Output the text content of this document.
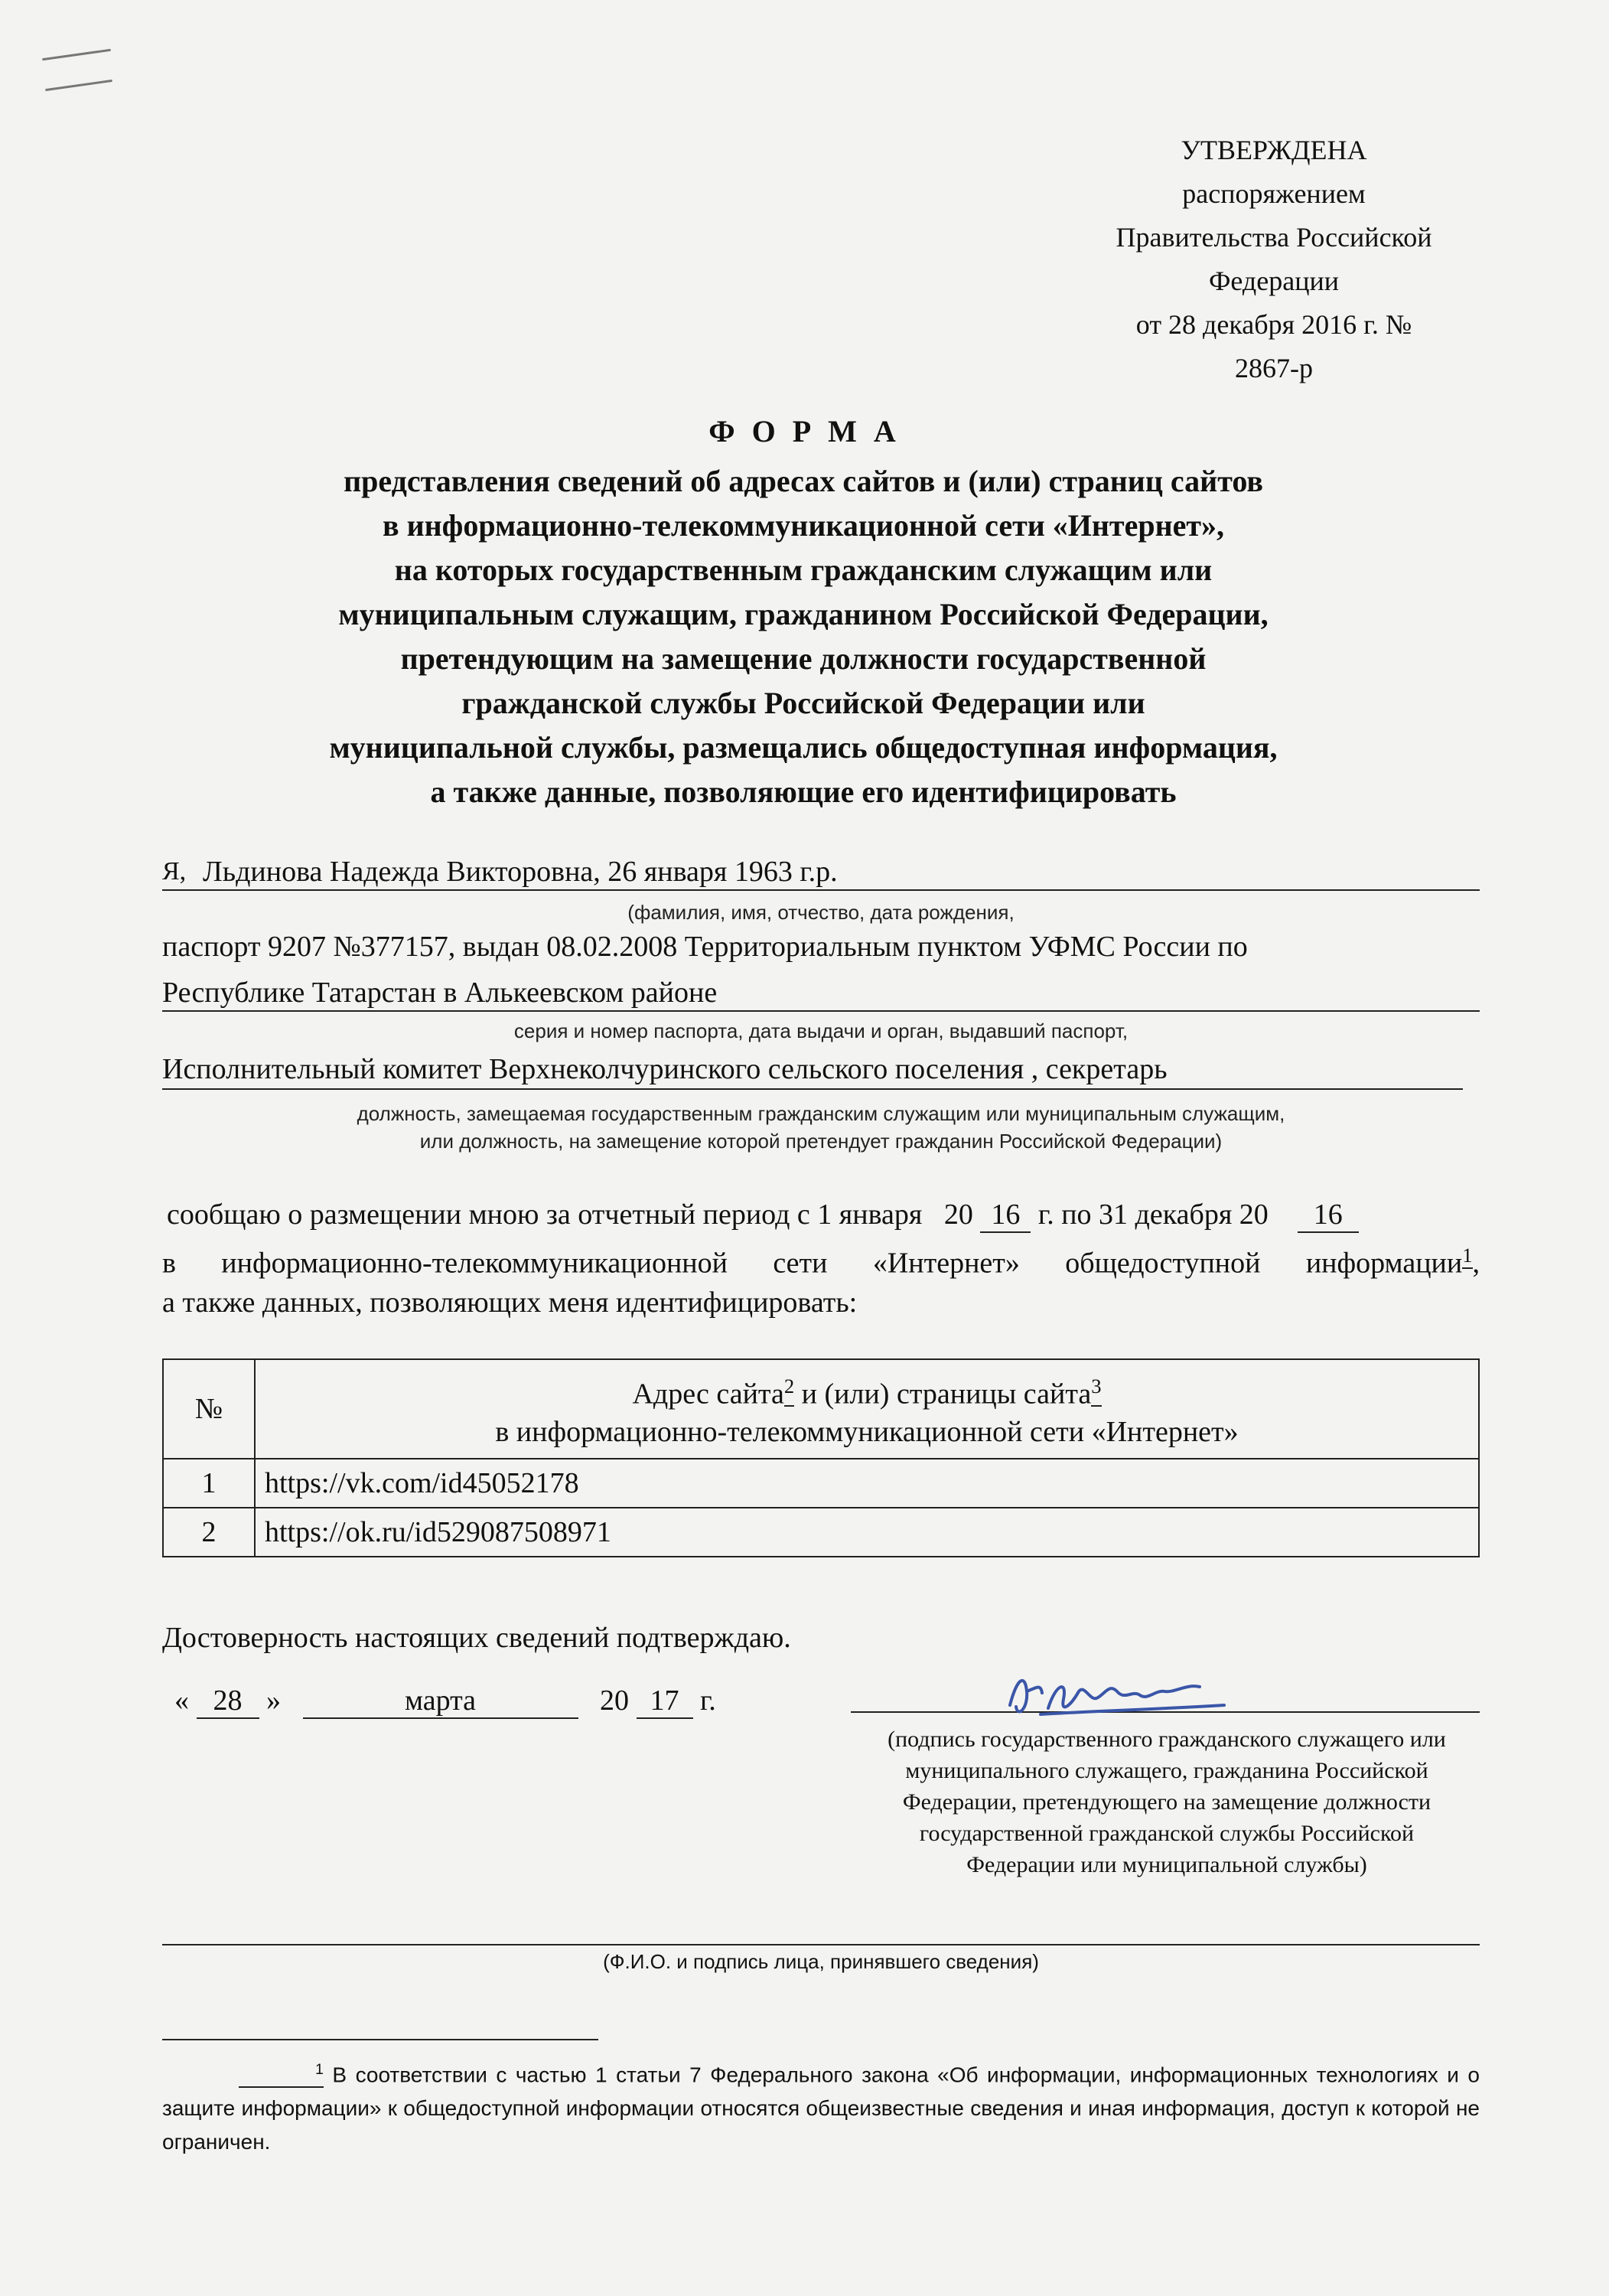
УТВЕРЖДЕНА
распоряжением
Правительства Российской
Федерации
от 28 декабря 2016 г. №
2867-р
Ф О Р М А
представления сведений об адресах сайтов и (или) страниц сайтов
в информационно-телекоммуникационной сети «Интернет»,
на которых государственным гражданским служащим или
муниципальным служащим, гражданином Российской Федерации,
претендующим на замещение должности государственной
гражданской службы Российской Федерации или
муниципальной службы, размещались общедоступная информация,
а также данные, позволяющие его идентифицировать
Я, Льдинова Надежда Викторовна, 26 января 1963 г.р.
(фамилия, имя, отчество, дата рождения,
паспорт 9207 №377157, выдан 08.02.2008 Территориальным пунктом УФМС России по
Республике Татарстан в Алькеевском районе
серия и номер паспорта, дата выдачи и орган, выдавший паспорт,
Исполнительный комитет Верхнеколчуринского сельского поселения , секретарь
должность, замещаемая государственным гражданским служащим или муниципальным служащим,
или должность, на замещение которой претендует гражданин Российской Федерации)
сообщаю о размещении мною за отчетный период с 1 января 20 16 г. по 31 декабря 20 16
в информационно-телекоммуникационной сети «Интернет» общедоступной информации$^1$,
а также данных, позволяющих меня идентифицировать:
№	Адрес сайта$^2$ и (или) страницы сайта$^3$
в информационно-телекоммуникационной сети «Интернет»
1	https://vk.com/id45052178
2	https://ok.ru/id529087508971
Достоверность настоящих сведений подтверждаю.
« 28 »	марта	20 17 г.
(подпись государственного гражданского служащего или
муниципального служащего, гражданина Российской
Федерации, претендующего на замещение должности
государственной гражданской службы Российской
Федерации или муниципальной службы)
(Ф.И.О. и подпись лица, принявшего сведения)
$^1$ В соответствии с частью 1 статьи 7 Федерального закона «Об информации, информационных технологиях и о защите информации» к общедоступной информации относятся общеизвестные сведения и иная информация, доступ к которой не ограничен.
